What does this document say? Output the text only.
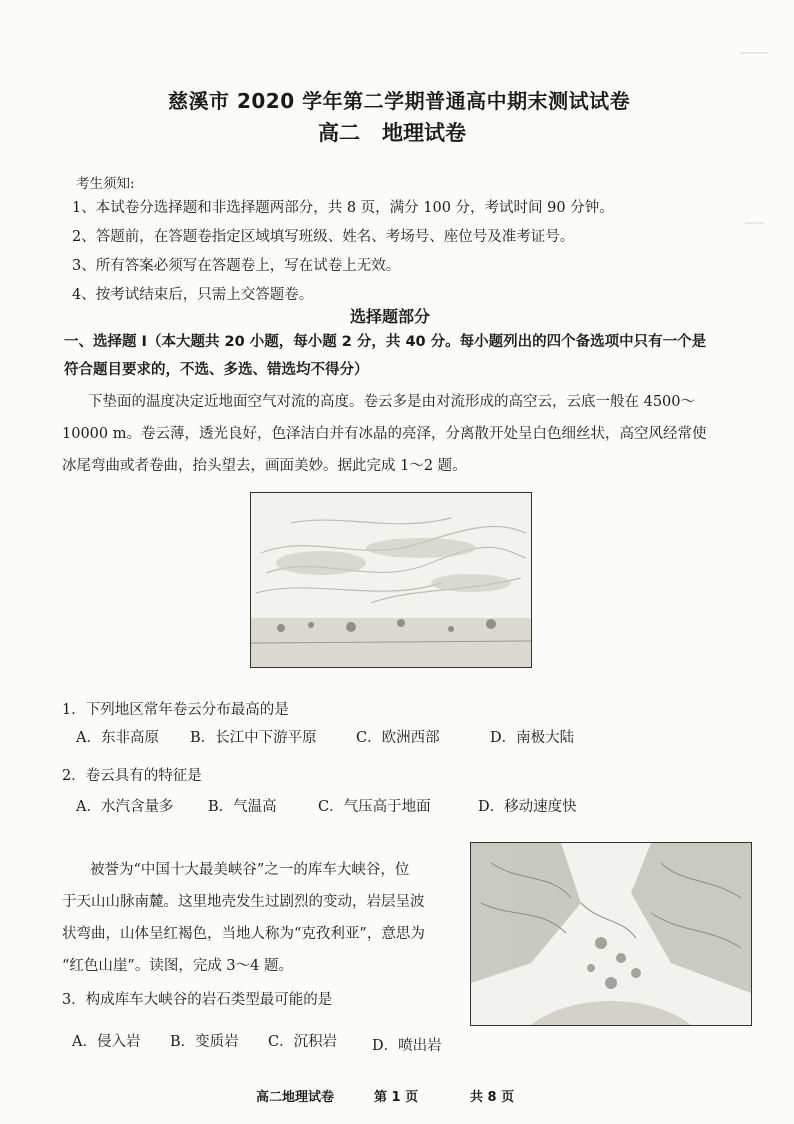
▁▁▁
▁▁
慈溪市 2020 学年第二学期普通高中期末测试试卷
高二 地理试卷
考生须知:
1、本试卷分选择题和非选择题两部分，共 8 页，满分 100 分，考试时间 90 分钟。
2、答题前，在答题卷指定区域填写班级、姓名、考场号、座位号及准考证号。
3、所有答案必须写在答题卷上，写在试卷上无效。
4、按考试结束后，只需上交答题卷。
选择题部分
一、选择题 I（本大题共 20 小题，每小题 2 分，共 40 分。每小题列出的四个备选项中只有一个是
符合题目要求的，不选、多选、错选均不得分）
下垫面的温度决定近地面空气对流的高度。卷云多是由对流形成的高空云，云底一般在 4500～
10000 m。卷云薄，透光良好，色泽洁白并有冰晶的亮泽，分离散开处呈白色细丝状，高空风经常使
冰尾弯曲或者卷曲，抬头望去，画面美妙。据此完成 1～2 题。
1．下列地区常年卷云分布最高的是
A．东非高原 B．长江中下游平原	C．欧洲西部	D．南极大陆
2．卷云具有的特征是
A．水汽含量多 B．气温高	C．气压高于地面	D．移动速度快
被誉为“中国十大最美峡谷”之一的库车大峡谷，位
于天山山脉南麓。这里地壳发生过剧烈的变动，岩层呈波
状弯曲，山体呈红褐色，当地人称为“克孜利亚”，意思为
“红色山崖”。读图，完成 3～4 题。
3．构成库车大峡谷的岩石类型最可能的是
A．侵入岩 B．变质岩 C．沉积岩 D．喷出岩
高二地理试卷	第 1 页	共 8 页
